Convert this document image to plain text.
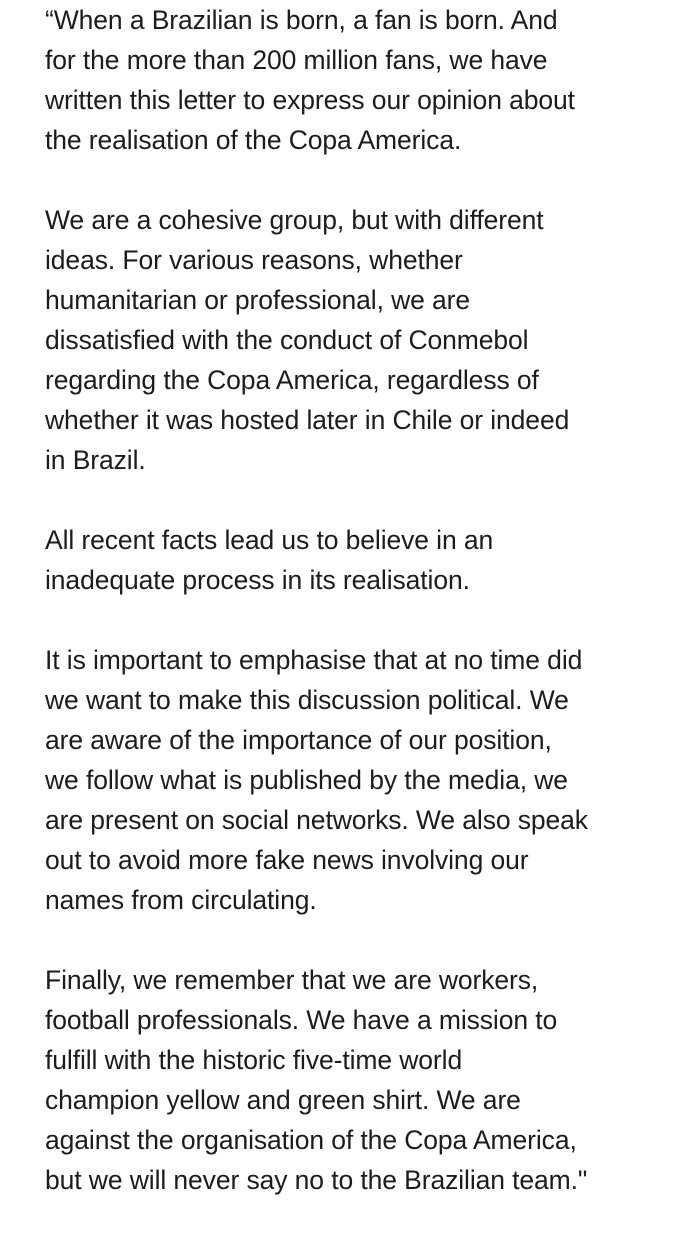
“When a Brazilian is born, a fan is born. And
for the more than 200 million fans, we have
written this letter to express our opinion about
the realisation of the Copa America.

We are a cohesive group, but with different
ideas. For various reasons, whether
humanitarian or professional, we are
dissatisfied with the conduct of Conmebol
regarding the Copa America, regardless of
whether it was hosted later in Chile or indeed
in Brazil.

All recent facts lead us to believe in an
inadequate process in its realisation.

It is important to emphasise that at no time did
we want to make this discussion political. We
are aware of the importance of our position,
we follow what is published by the media, we
are present on social networks. We also speak
out to avoid more fake news involving our
names from circulating.

Finally, we remember that we are workers,
football professionals. We have a mission to
fulfill with the historic five-time world
champion yellow and green shirt. We are
against the organisation of the Copa America,
but we will never say no to the Brazilian team."
